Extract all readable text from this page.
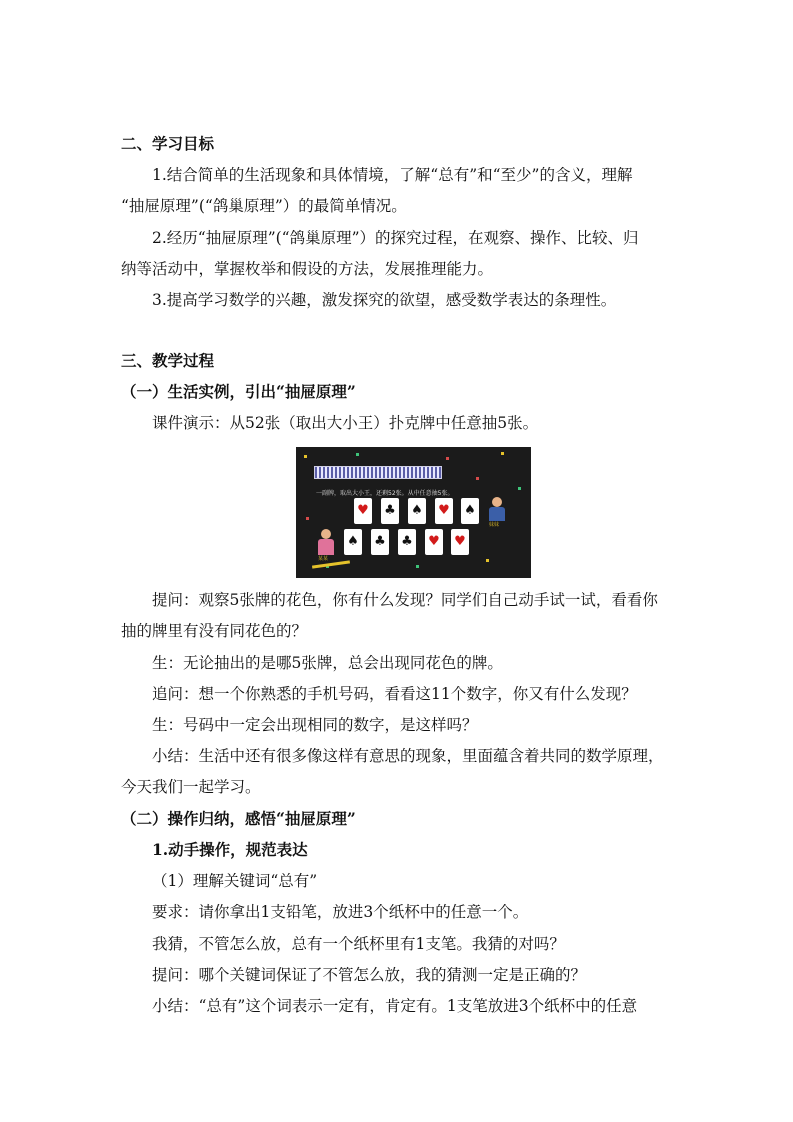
二、学习目标
1.结合简单的生活现象和具体情境，了解“总有”和“至少”的含义，理解
“抽屉原理”(“鸽巢原理”）的最简单情况。
2.经历“抽屉原理”(“鸽巢原理”）的探究过程，在观察、操作、比较、归
纳等活动中，掌握枚举和假设的方法，发展推理能力。
3.提高学习数学的兴趣，激发探究的欲望，感受数学表达的条理性。
三、教学过程
（一）生活实例，引出“抽屉原理”
课件演示：从52张（取出大小王）扑克牌中任意抽5张。
一副牌，取出大小王，还剩52张。从中任意抽5张。
♥ ♣ ♠ ♥ ♠
♠ ♣ ♣ ♥ ♥
某某
妹妹
提问：观察5张牌的花色，你有什么发现？同学们自己动手试一试，看看你
抽的牌里有没有同花色的？
生：无论抽出的是哪5张牌，总会出现同花色的牌。
追问：想一个你熟悉的手机号码，看看这11个数字，你又有什么发现？
生：号码中一定会出现相同的数字，是这样吗？
小结：生活中还有很多像这样有意思的现象，里面蕴含着共同的数学原理，
今天我们一起学习。
（二）操作归纳，感悟“抽屉原理”
1.动手操作，规范表达
（1）理解关键词“总有”
要求：请你拿出1支铅笔，放进3个纸杯中的任意一个。
我猜，不管怎么放，总有一个纸杯里有1支笔。我猜的对吗？
提问：哪个关键词保证了不管怎么放，我的猜测一定是正确的？
小结：“总有”这个词表示一定有，肯定有。1支笔放进3个纸杯中的任意
